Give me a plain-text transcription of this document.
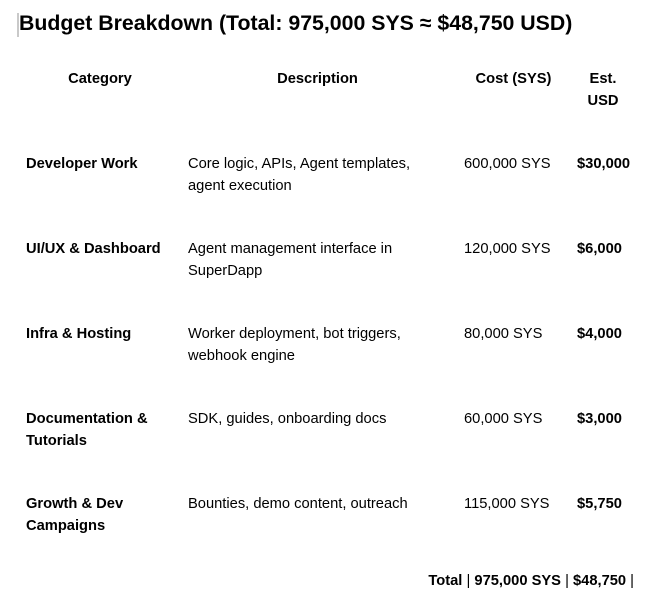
Budget Breakdown (Total: 975,000 SYS ≈ $48,750 USD)
Category	Description	Cost (SYS)	Est. USD
Developer Work	Core logic, APIs, Agent templates, agent execution	600,000 SYS	$30,000
UI/UX & Dashboard	Agent management interface in SuperDapp	120,000 SYS	$6,000
Infra & Hosting	Worker deployment, bot triggers, webhook engine	80,000 SYS	$4,000
Documentation & Tutorials	SDK, guides, onboarding docs	60,000 SYS	$3,000
Growth & Dev Campaigns	Bounties, demo content, outreach	115,000 SYS	$5,750
Total | 975,000 SYS | $48,750 |			
